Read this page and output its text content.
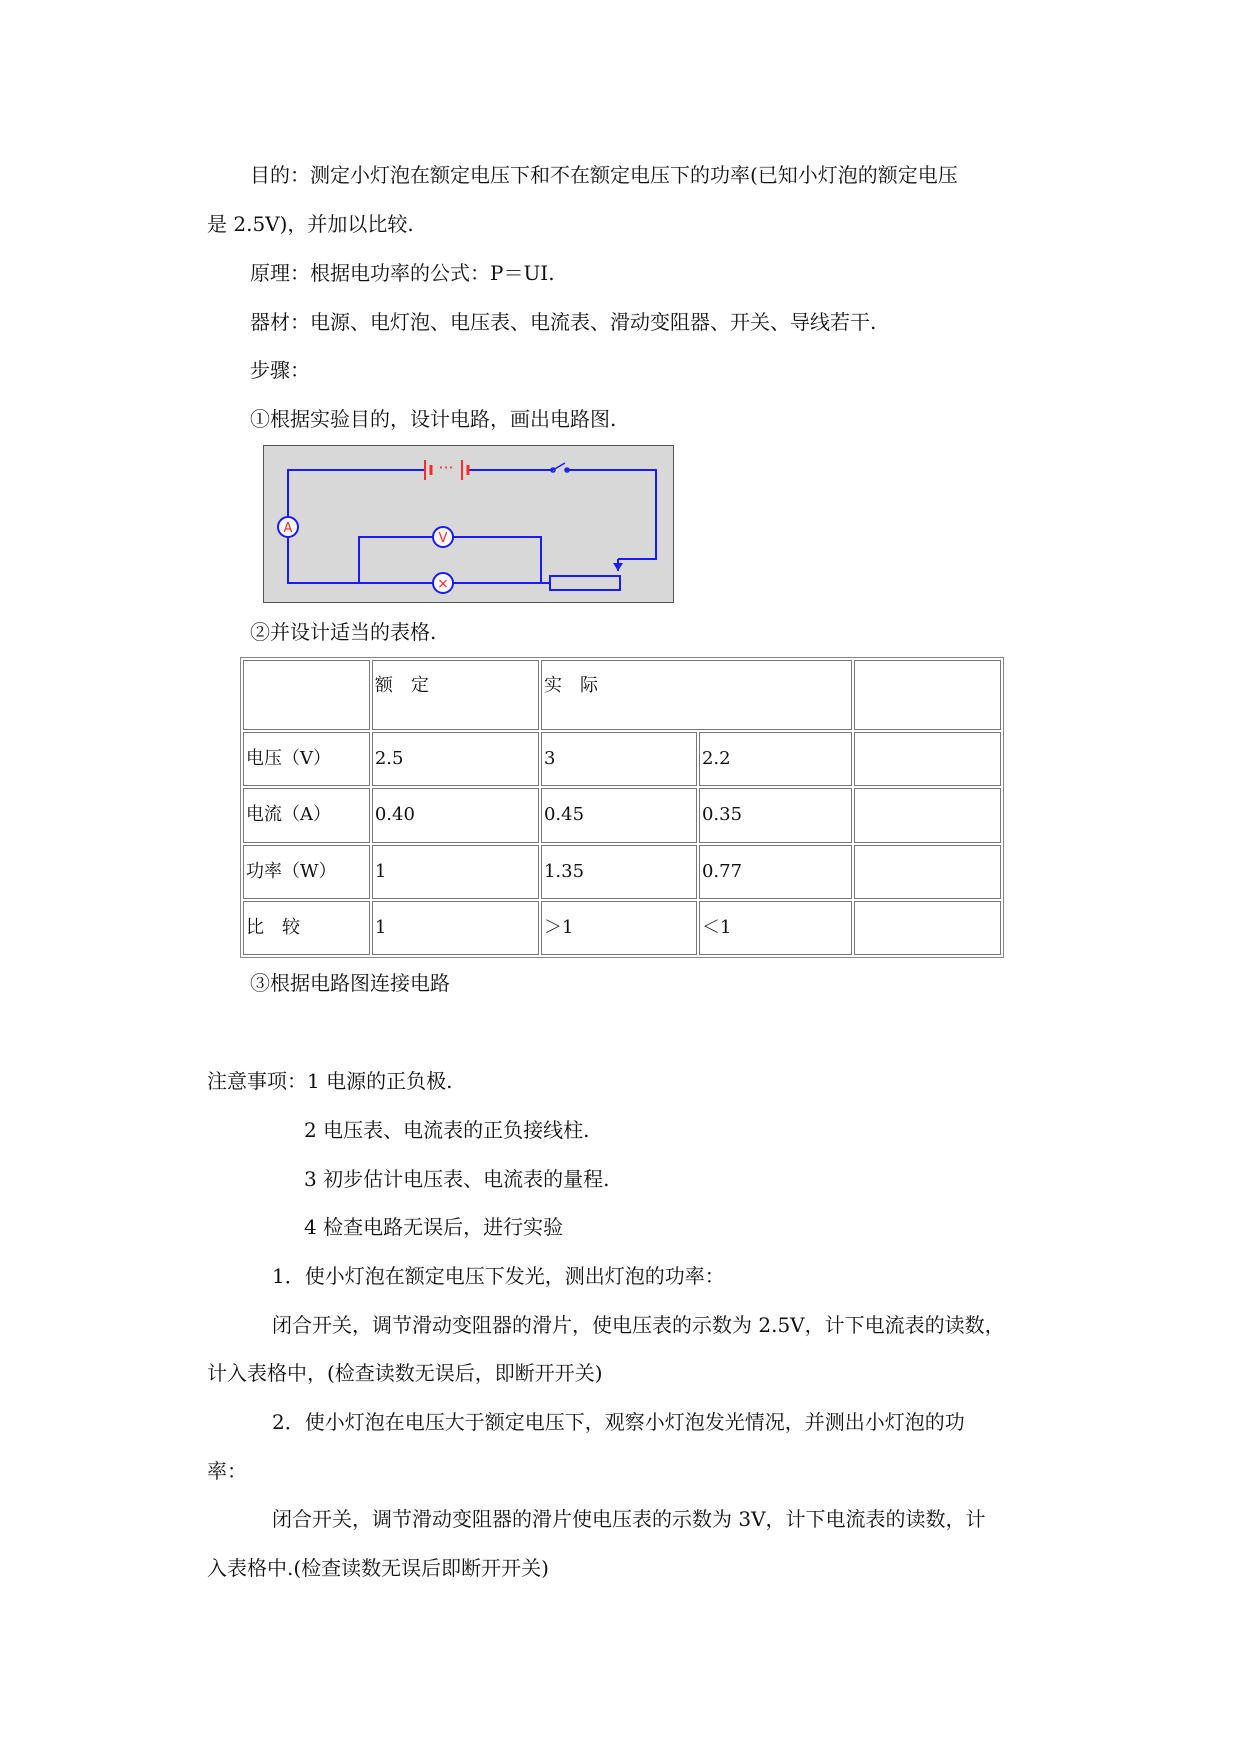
目的：测定小灯泡在额定电压下和不在额定电压下的功率(已知小灯泡的额定电压
是 2.5V)，并加以比较.
原理：根据电功率的公式：P＝UI.
器材：电源、电灯泡、电压表、电流表、滑动变阻器、开关、导线若干.
步骤：
①根据实验目的，设计电路，画出电路图.
···
A
V
×
②并设计适当的表格.
	额　定	实　际		
电压（V）	2.5	3	2.2	
电流（A）	0.40	0.45	0.35	
功率（W）	1	1.35	0.77	
比　较	1	＞1	＜1	
③根据电路图连接电路
注意事项：1 电源的正负极.
2 电压表、电流表的正负接线柱.
3 初步估计电压表、电流表的量程.
4 检查电路无误后，进行实验
1．使小灯泡在额定电压下发光，测出灯泡的功率：
闭合开关，调节滑动变阻器的滑片，使电压表的示数为 2.5V，计下电流表的读数，
计入表格中，(检查读数无误后，即断开开关)
2．使小灯泡在电压大于额定电压下，观察小灯泡发光情况，并测出小灯泡的功
率：
闭合开关，调节滑动变阻器的滑片使电压表的示数为 3V，计下电流表的读数，计
入表格中.(检查读数无误后即断开开关)
